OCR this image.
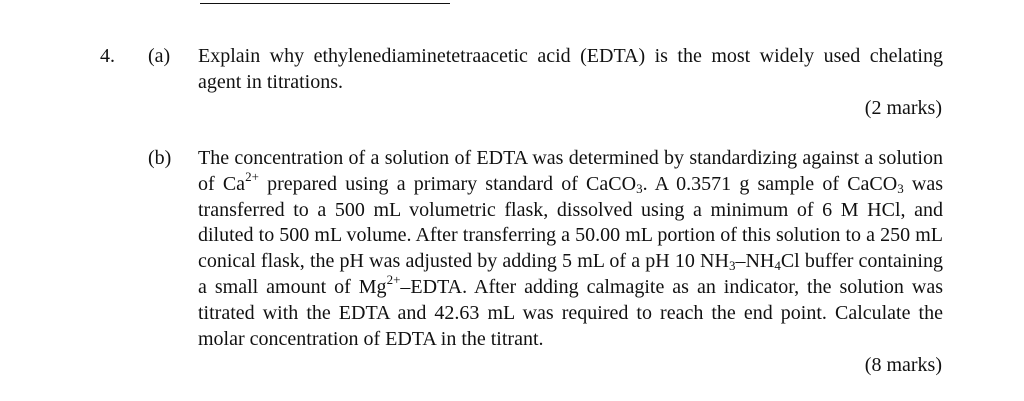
4. (a) Explain why ethylenediaminetetraacetic acid (EDTA) is the most widely used chelating agent in titrations.
(2 marks)
(b) The concentration of a solution of EDTA was determined by standardizing against a solution of $Ca^{2+}$ prepared using a primary standard of CaCO$_3$. A 0.3571 g sample of CaCO$_3$ was transferred to a 500 mL volumetric flask, dissolved using a minimum of 6 M HCl, and diluted to 500 mL volume. After transferring a 50.00 mL portion of this solution to a 250 mL conical flask, the pH was adjusted by adding 5 mL of a pH 10 $NH_3-NH_4Cl$ buffer containing a small amount of $Mg^{2+}$–EDTA. After adding calmagite as an indicator, the solution was titrated with the EDTA and 42.63 mL was required to reach the end point. Calculate the molar concentration of EDTA in the titrant.
(8 marks)
